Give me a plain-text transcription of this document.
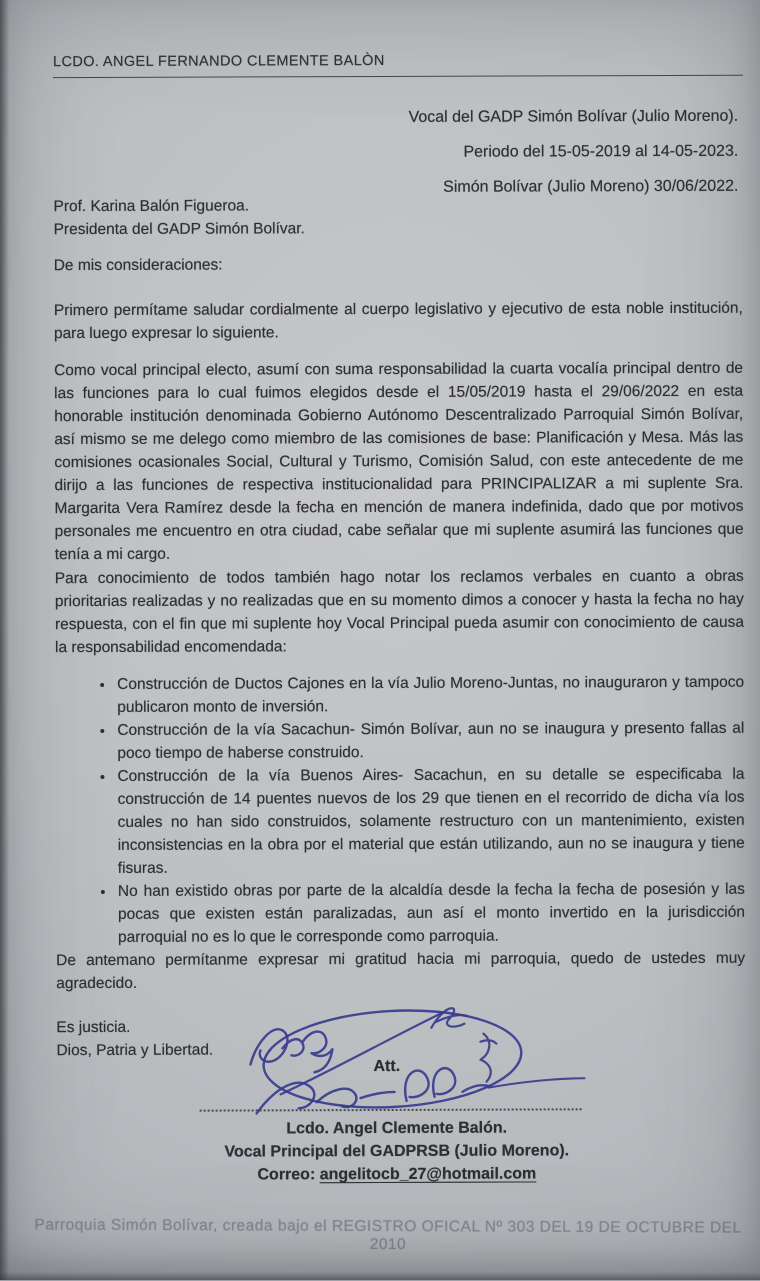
LCDO. ANGEL FERNANDO CLEMENTE BALÒN
Vocal del GADP Simón Bolívar (Julio Moreno).
Periodo del 15-05-2019 al 14-05-2023.
Simón Bolívar (Julio Moreno) 30/06/2022.
Prof. Karina Balón Figueroa.
Presidenta del GADP Simón Bolívar.
De mis consideraciones:
Primero permítame saludar cordialmente al cuerpo legislativo y ejecutivo de esta noble institución, para luego expresar lo siguiente.
Como vocal principal electo, asumí con suma responsabilidad la cuarta vocalía principal dentro de las funciones para lo cual fuimos elegidos desde el 15/05/2019 hasta el 29/06/2022 en esta honorable institución denominada Gobierno Autónomo Descentralizado Parroquial Simón Bolívar, así mismo se me delego como miembro de las comisiones de base: Planificación y Mesa. Más las comisiones ocasionales Social, Cultural y Turismo, Comisión Salud, con este antecedente de me dirijo a las funciones de respectiva institucionalidad para PRINCIPALIZAR a mi suplente Sra. Margarita Vera Ramírez desde la fecha en mención de manera indefinida, dado que por motivos personales me encuentro en otra ciudad, cabe señalar que mi suplente asumirá las funciones que tenía a mi cargo.
Para conocimiento de todos también hago notar los reclamos verbales en cuanto a obras prioritarias realizadas y no realizadas que en su momento dimos a conocer y hasta la fecha no hay respuesta, con el fin que mi suplente hoy Vocal Principal pueda asumir con conocimiento de causa la responsabilidad encomendada:
• Construcción de Ductos Cajones en la vía Julio Moreno-Juntas, no inauguraron y tampoco publicaron monto de inversión.
• Construcción de la vía Sacachun- Simón Bolívar, aun no se inaugura y presento fallas al poco tiempo de haberse construido.
• Construcción de la vía Buenos Aires- Sacachun, en su detalle se especificaba la construcción de 14 puentes nuevos de los 29 que tienen en el recorrido de dicha vía los cuales no han sido construidos, solamente restructuro con un mantenimiento, existen inconsistencias en la obra por el material que están utilizando, aun no se inaugura y tiene fisuras.
• No han existido obras por parte de la alcaldía desde la fecha la fecha de posesión y las pocas que existen están paralizadas, aun así el monto invertido en la jurisdicción parroquial no es lo que le corresponde como parroquia.
De antemano permítanme expresar mi gratitud hacia mi parroquia, quedo de ustedes muy agradecido.
Es justicia.
Dios, Patria y Libertad.
Att.
Lcdo. Angel Clemente Balón.
Vocal Principal del GADPRSB (Julio Moreno).
Correo: angelitocb_27@hotmail.com
Parroquia Simón Bolívar, creada bajo el REGISTRO OFICAL Nº 303 DEL 19 DE OCTUBRE DEL 2010
